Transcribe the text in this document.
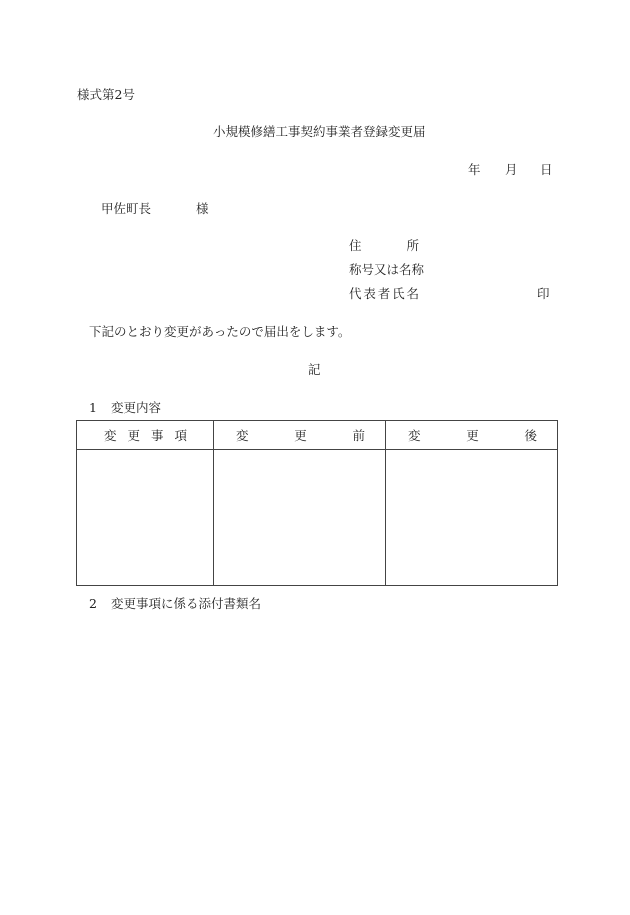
様式第2号
小規模修繕工事契約事業者登録変更届
年 月 日
甲佐町長	様
住	所
称号又は名称
代 表 者 氏 名	印
下記のとおり変更があったので届出をします。
記
1 変更内容
変 更 事 項	変 更 前	変 更 後

2 変更事項に係る添付書類名
